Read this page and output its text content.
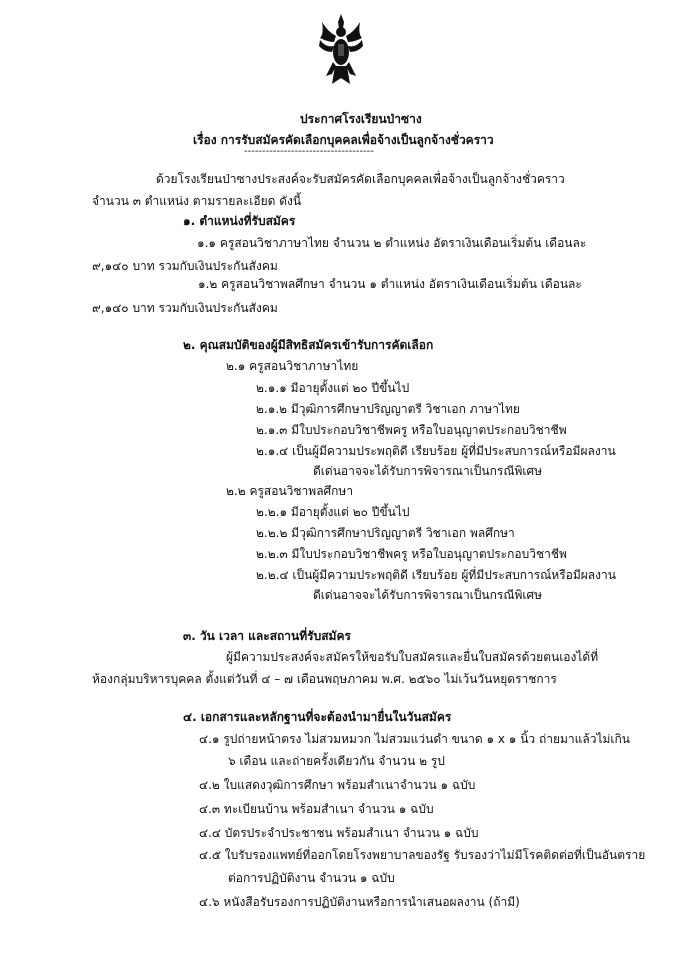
ประกาศโรงเรียนป่าซาง
เรื่อง การรับสมัครคัดเลือกบุคคลเพื่อจ้างเป็นลูกจ้างชั่วคราว
------------------------------------
ด้วยโรงเรียนป่าซางประสงค์จะรับสมัครคัดเลือกบุคคลเพื่อจ้างเป็นลูกจ้างชั่วคราว
จำนวน ๓ ตำแหน่ง ตามรายละเอียด ดังนี้
๑. ตำแหน่งที่รับสมัคร
๑.๑ ครูสอนวิชาภาษาไทย จำนวน ๒ ตำแหน่ง อัตราเงินเดือนเริ่มต้น เดือนละ
๙,๑๔๐ บาท รวมกับเงินประกันสังคม
๑.๒ ครูสอนวิชาพลศึกษา จำนวน ๑ ตำแหน่ง อัตราเงินเดือนเริ่มต้น เดือนละ
๙,๑๔๐ บาท รวมกับเงินประกันสังคม
๒. คุณสมบัติของผู้มีสิทธิสมัครเข้ารับการคัดเลือก
๒.๑ ครูสอนวิชาภาษาไทย
๒.๑.๑ มีอายุตั้งแต่ ๒๐ ปีขึ้นไป
๒.๑.๒ มีวุฒิการศึกษาปริญญาตรี วิชาเอก ภาษาไทย
๒.๑.๓ มีใบประกอบวิชาชีพครู หรือใบอนุญาตประกอบวิชาชีพ
๒.๑.๔ เป็นผู้มีความประพฤติดี เรียบร้อย ผู้ที่มีประสบการณ์หรือมีผลงาน
ดีเด่นอาจจะได้รับการพิจารณาเป็นกรณีพิเศษ
๒.๒ ครูสอนวิชาพลศึกษา
๒.๒.๑ มีอายุตั้งแต่ ๒๐ ปีขึ้นไป
๒.๒.๒ มีวุฒิการศึกษาปริญญาตรี วิชาเอก พลศึกษา
๒.๒.๓ มีใบประกอบวิชาชีพครู หรือใบอนุญาตประกอบวิชาชีพ
๒.๒.๔ เป็นผู้มีความประพฤติดี เรียบร้อย ผู้ที่มีประสบการณ์หรือมีผลงาน
ดีเด่นอาจจะได้รับการพิจารณาเป็นกรณีพิเศษ
๓. วัน เวลา และสถานที่รับสมัคร
ผู้มีความประสงค์จะสมัครให้ขอรับใบสมัครและยื่นใบสมัครด้วยตนเองได้ที่
ห้องกลุ่มบริหารบุคคล ตั้งแต่วันที่ ๔ – ๗ เดือนพฤษภาคม พ.ศ. ๒๕๖๐ ไม่เว้นวันหยุดราชการ
๔. เอกสารและหลักฐานที่จะต้องนำมายื่นในวันสมัคร
๔.๑ รูปถ่ายหน้าตรง ไม่สวมหมวก ไม่สวมแว่นดำ ขนาด ๑ x ๑ นิ้ว ถ่ายมาแล้วไม่เกิน
๖ เดือน และถ่ายครั้งเดียวกัน จำนวน ๒ รูป
๔.๒ ใบแสดงวุฒิการศึกษา พร้อมสำเนาจำนวน ๑ ฉบับ
๔.๓ ทะเบียนบ้าน พร้อมสำเนา จำนวน ๑ ฉบับ
๔.๔ บัตรประจำประชาชน พร้อมสำเนา จำนวน ๑ ฉบับ
๔.๕ ใบรับรองแพทย์ที่ออกโดยโรงพยาบาลของรัฐ รับรองว่าไม่มีโรคติดต่อที่เป็นอันตราย
ต่อการปฏิบัติงาน จำนวน ๑ ฉบับ
๔.๖ หนังสือรับรองการปฏิบัติงานหรือการนำเสนอผลงาน (ถ้ามี)
